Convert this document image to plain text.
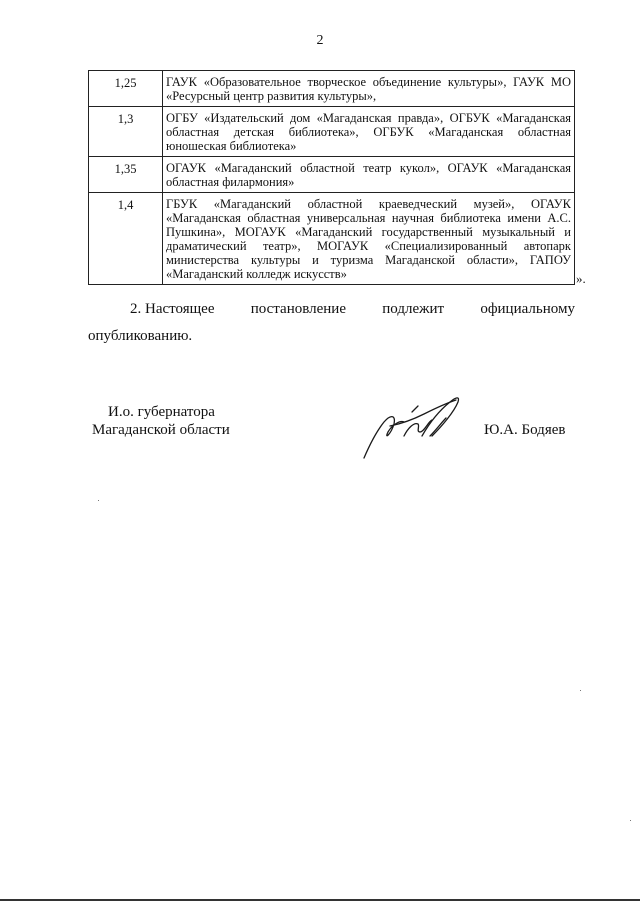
2
1,25	ГАУК «Образовательное творческое объединение культуры», ГАУК МО «Ресурсный центр развития культуры»,
1,3	ОГБУ «Издательский дом «Магаданская правда», ОГБУК «Магаданская областная детская библиотека», ОГБУК «Магаданская областная юношеская библиотека»
1,35	ОГАУК «Магаданский областной театр кукол», ОГАУК «Магаданская областная филармония»
1,4	ГБУК «Магаданский областной краеведческий музей», ОГАУК «Магаданская областная универсальная научная библиотека имени А.С. Пушкина», МОГАУК «Магаданский государственный музыкальный и драматический театр», МОГАУК «Специализированный автопарк министерства культуры и туризма Магаданской области», ГАПОУ «Магаданский колледж искусств»	».
2. Настоящее постановление подлежит официальному
опубликованию.
И.о. губернатора
Магаданской области	Ю.А. Бодяев
